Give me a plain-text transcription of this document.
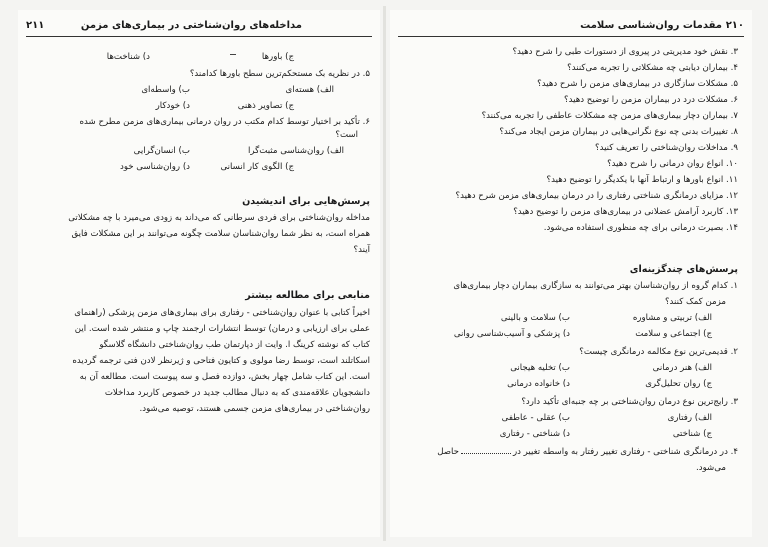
۲۱۱	مداخله‌های روان‌شناختی در بیماری‌های مزمن
ج) باورها
د) شناخت‌ها
۵. در نظریه بک مستحکم‌ترین سطح باورها کدامند؟
الف) هسته‌ای
ب) واسطه‌ای
ج) تصاویر ذهنی
د) خودکار
۶. تأکید بر اختیار توسط کدام مکتب در روان درمانی بیماری‌های مزمن مطرح شده
است؟
الف) روان‌شناسی مثبت‌گرا
ب) انسان‌گرایی
ج) الگوی کار انسانی
د) روان‌شناسی خود
پرسش‌هایی برای اندیشیدن
مداخله روان‌شناختی برای فردی سرطانی که می‌داند به زودی می‌میرد با چه مشکلاتی
همراه است، به نظر شما روان‌شناسان سلامت چگونه می‌توانند بر این مشکلات فایق
آیند؟
منابعی برای مطالعه بیشتر
اخیراً کتابی با عنوان روان‌شناختی - رفتاری برای بیماری‌های مزمن پزشکی (راهنمای
عملی برای ارزیابی و درمان) توسط انتشارات ارجمند چاپ و منتشر شده است. این
کتاب که نوشته کرینگ ا. وایت از دپارتمان طب روان‌شناختی دانشگاه گلاسگو
اسکاتلند است، توسط رضا مولوی و کتایون فتاحی و ژیرنظر لادن فتی ترجمه گردیده
است. این کتاب شامل چهار بخش، دوازده فصل و سه پیوست است. مطالعه آن به
دانشجویان علاقه‌مندی که به دنبال مطالب جدید در خصوص کاربرد مداخلات
روان‌شناختی در بیماری‌های مزمن جسمی هستند، توصیه می‌شود.
۲۱۰
مقدمات روان‌شناسی سلامت
۳. نقش خود مدیریتی در پیروی از دستورات طبی را شرح دهید؟
۴. بیماران دیابتی چه مشکلاتی را تجربه می‌کنند؟
۵. مشکلات سازگاری در بیماری‌های مزمن را شرح دهید؟
۶. مشکلات درد در بیماران مزمن را توضیح دهید؟
۷. بیماران دچار بیماری‌های مزمن چه مشکلات عاطفی را تجربه می‌کنند؟
۸. تغییرات بدنی چه نوع نگرانی‌هایی در بیماران مزمن ایجاد می‌کند؟
۹. مداخلات روان‌شناختی را تعریف کنید؟
۱۰. انواع روان درمانی را شرح دهید؟
۱۱. انواع باورها و ارتباط آنها با یکدیگر را توضیح دهید؟
۱۲. مزایای درمانگری شناختی رفتاری را در درمان بیماری‌های مزمن شرح دهید؟
۱۳. کاربرد آرامش عضلانی در بیماری‌های مزمن را توضیح دهید؟
۱۴. بصیرت درمانی برای چه منظوری استفاده می‌شود.
پرسش‌های چندگزینه‌ای
۱. کدام گروه از روان‌شناسان بهتر می‌توانند به سازگاری بیماران دچار بیماری‌های
مزمن کمک کنند؟
الف) تربیتی و مشاوره
ب) سلامت و بالینی
ج) اجتماعی و سلامت
د) پزشکی و آسیب‌شناسی روانی
۲. قدیمی‌ترین نوع مکالمه درمانگری چیست؟
الف) هنر درمانی
ب) تخلیه هیجانی
ج) روان تحلیل‌گری
د) خانواده درمانی
۳. رایج‌ترین نوع درمان روان‌شناختی بر چه جنبه‌ای تأکید دارد؟
الف) رفتاری
ب) عقلی - عاطفی
ج) شناختی
د) شناختی - رفتاری
۴. در درمانگری شناختی - رفتاری تغییر رفتار به واسطه تغییر درحاصل
می‌شود.
